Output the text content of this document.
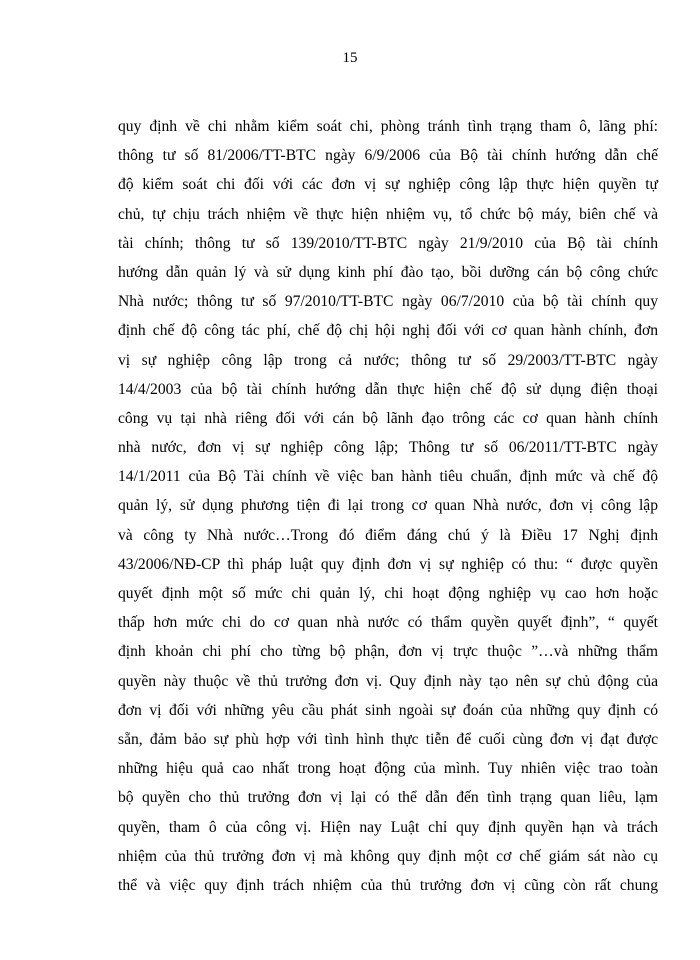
15
quy định về chi nhằm kiểm soát chi, phòng tránh tình trạng tham ô, lãng phí:
thông tư số 81/2006/TT-BTC ngày 6/9/2006 của Bộ tài chính hướng dẫn chế
độ kiểm soát chi đối với các đơn vị sự nghiệp công lập thực hiện quyền tự
chủ, tự chịu trách nhiệm về thực hiện nhiệm vụ, tổ chức bộ máy, biên chế và
tài chính; thông tư số 139/2010/TT-BTC ngày 21/9/2010 của Bộ tài chính
hướng dẫn quản lý và sử dụng kinh phí đào tạo, bồi dưỡng cán bộ công chức
Nhà nước; thông tư số 97/2010/TT-BTC ngày 06/7/2010 của bộ tài chính quy
định chế độ công tác phí, chế độ chị hội nghị đối với cơ quan hành chính, đơn
vị sự nghiệp công lập trong cả nước; thông tư số 29/2003/TT-BTC ngày
14/4/2003 của bộ tài chính hướng dẫn thực hiện chế độ sử dụng điện thoại
công vụ tại nhà riêng đối với cán bộ lãnh đạo trông các cơ quan hành chính
nhà nước, đơn vị sự nghiệp công lập; Thông tư số 06/2011/TT-BTC ngày
14/1/2011 của Bộ Tài chính về việc ban hành tiêu chuẩn, định mức và chế độ
quản lý, sử dụng phương tiện đi lại trong cơ quan Nhà nước, đơn vị công lập
và công ty Nhà nước…Trong đó điểm đáng chú ý là Điều 17 Nghị định
43/2006/NĐ-CP thì pháp luật quy định đơn vị sự nghiệp có thu: “ được quyền
quyết định một số mức chi quản lý, chi hoạt động nghiệp vụ cao hơn hoặc
thấp hơn mức chi do cơ quan nhà nước có thẩm quyền quyết định”, “ quyết
định khoản chi phí cho từng bộ phận, đơn vị trực thuộc ”…và những thẩm
quyền này thuộc về thủ trưởng đơn vị. Quy định này tạo nên sự chủ động của
đơn vị đối với những yêu cầu phát sinh ngoài sự đoán của những quy định có
sẵn, đảm bảo sự phù hợp với tình hình thực tiễn để cuối cùng đơn vị đạt được
những hiệu quả cao nhất trong hoạt động của mình. Tuy nhiên việc trao toàn
bộ quyền cho thủ trưởng đơn vị lại có thể dẫn đến tình trạng quan liêu, lạm
quyền, tham ô của công vị. Hiện nay Luật chỉ quy định quyền hạn và trách
nhiệm của thủ trưởng đơn vị mà không quy định một cơ chế giám sát nào cụ
thể và việc quy định trách nhiệm của thủ trưởng đơn vị cũng còn rất chung
